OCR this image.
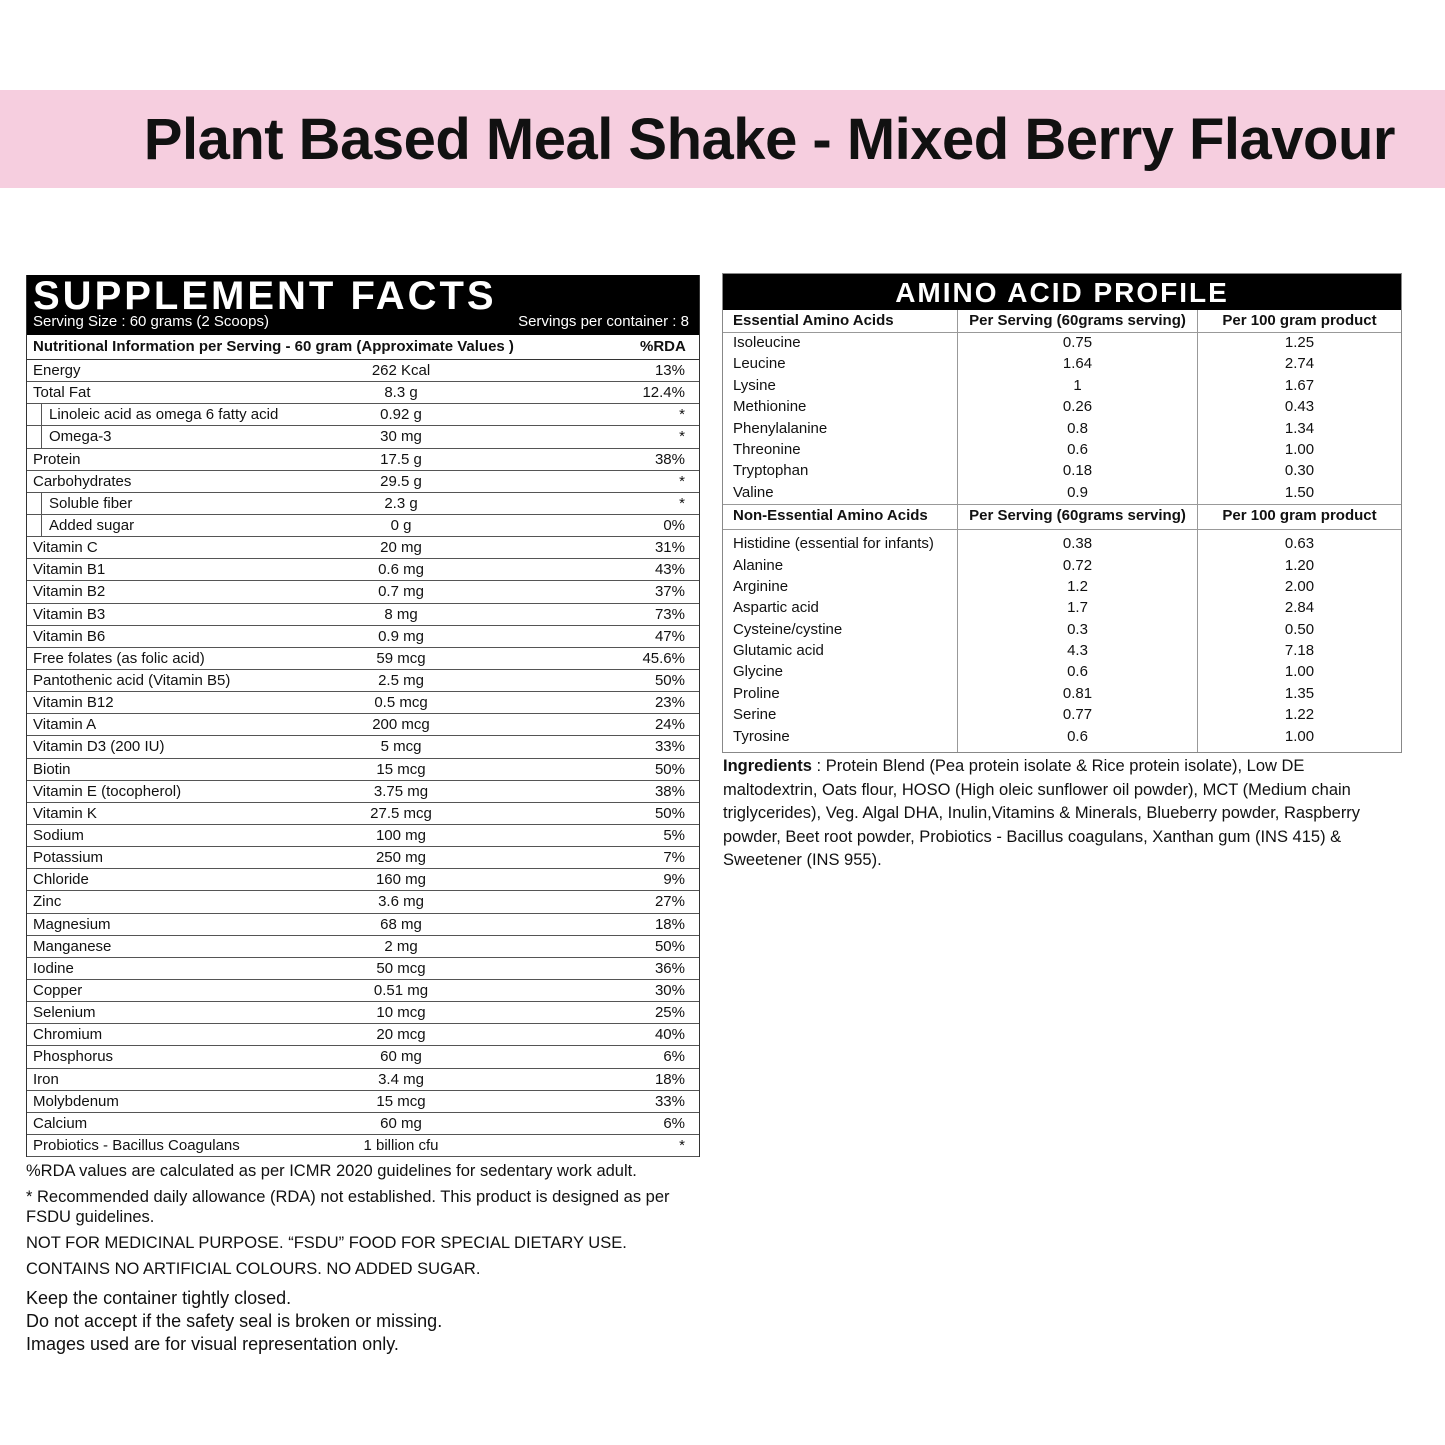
Plant Based Meal Shake - Mixed Berry Flavour
SUPPLEMENT FACTS
Serving Size : 60 grams (2 Scoops)	Servings per container : 8
Nutritional Information per Serving - 60 gram (Approximate Values )	%RDA
Energy	262 Kcal	13%
Total Fat	8.3 g	12.4%
Linoleic acid as omega 6 fatty acid	0.92 g	*
Omega-3	30 mg	*
Protein	17.5 g	38%
Carbohydrates	29.5 g	*
Soluble fiber	2.3 g	*
Added sugar	0 g	0%
Vitamin C	20 mg	31%
Vitamin B1	0.6 mg	43%
Vitamin B2	0.7 mg	37%
Vitamin B3	8 mg	73%
Vitamin B6	0.9 mg	47%
Free folates (as folic acid)	59 mcg	45.6%
Pantothenic acid (Vitamin B5)	2.5 mg	50%
Vitamin B12	0.5 mcg	23%
Vitamin A	200 mcg	24%
Vitamin D3 (200 IU)	5 mcg	33%
Biotin	15 mcg	50%
Vitamin E (tocopherol)	3.75 mg	38%
Vitamin K	27.5 mcg	50%
Sodium	100 mg	5%
Potassium	250 mg	7%
Chloride	160 mg	9%
Zinc	3.6 mg	27%
Magnesium	68 mg	18%
Manganese	2 mg	50%
Iodine	50 mcg	36%
Copper	0.51 mg	30%
Selenium	10 mcg	25%
Chromium	20 mcg	40%
Phosphorus	60 mg	6%
Iron	3.4 mg	18%
Molybdenum	15 mcg	33%
Calcium	60 mg	6%
Probiotics - Bacillus Coagulans	1 billion cfu	*

%RDA values are calculated as per ICMR 2020 guidelines for sedentary work adult.

* Recommended daily allowance (RDA) not established. This product is designed as per FSDU guidelines.

NOT FOR MEDICINAL PURPOSE. “FSDU” FOOD FOR SPECIAL DIETARY USE.

CONTAINS NO ARTIFICIAL COLOURS. NO ADDED SUGAR.

Keep the container tightly closed.
Do not accept if the safety seal is broken or missing.
Images used are for visual representation only.
AMINO ACID PROFILE
Essential Amino Acids	Per Serving (60grams serving)	Per 100 gram product
Isoleucine	0.75	1.25
Leucine	1.64	2.74
Lysine	1	1.67
Methionine	0.26	0.43
Phenylalanine	0.8	1.34
Threonine	0.6	1.00
Tryptophan	0.18	0.30
Valine	0.9	1.50
Non-Essential Amino Acids	Per Serving (60grams serving)	Per 100 gram product
Histidine (essential for infants)	0.38	0.63
Alanine	0.72	1.20
Arginine	1.2	2.00
Aspartic acid	1.7	2.84
Cysteine/cystine	0.3	0.50
Glutamic acid	4.3	7.18
Glycine	0.6	1.00
Proline	0.81	1.35
Serine	0.77	1.22
Tyrosine	0.6	1.00
Ingredients : Protein Blend (Pea protein isolate & Rice protein isolate), Low DE maltodextrin, Oats flour, HOSO (High oleic sunflower oil powder), MCT (Medium chain triglycerides), Veg. Algal DHA, Inulin,Vitamins & Minerals, Blueberry powder, Raspberry powder, Beet root powder, Probiotics - Bacillus coagulans, Xanthan gum (INS 415) & Sweetener (INS 955).
